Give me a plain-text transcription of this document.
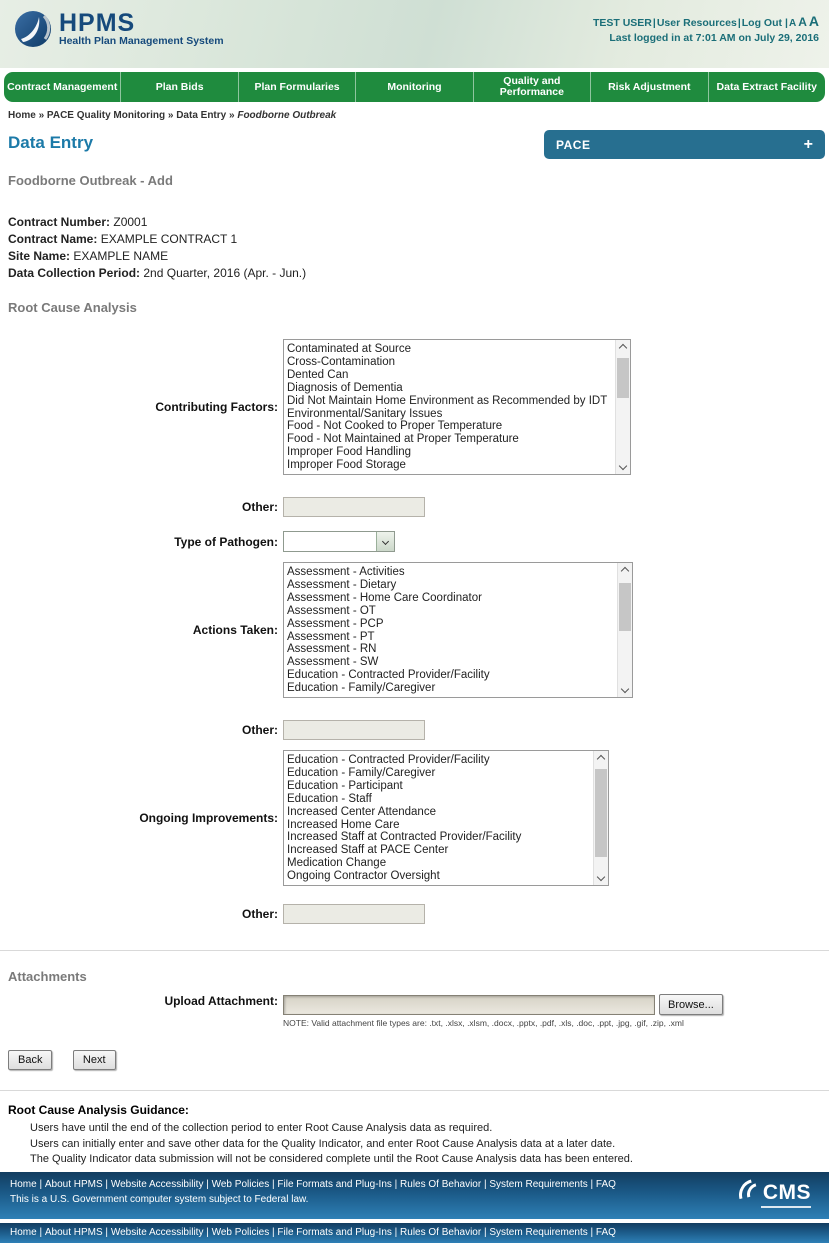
HPMS
Health Plan Management System
TEST USER | User Resources | Log Out | A A A
Last logged in at 7:01 AM on July 29, 2016
Contract Management	Plan Bids	Plan Formularies	Monitoring	Quality and Performance	Risk Adjustment	Data Extract Facility
Home » PACE Quality Monitoring » Data Entry » Foodborne Outbreak
Data Entry	PACE	+
Foodborne Outbreak - Add
Contract Number: Z0001
Contract Name: EXAMPLE CONTRACT 1
Site Name: EXAMPLE NAME
Data Collection Period: 2nd Quarter, 2016 (Apr. - Jun.)
Root Cause Analysis
Contributing Factors:
Contaminated at Source
Cross-Contamination
Dented Can
Diagnosis of Dementia
Did Not Maintain Home Environment as Recommended by IDT
Environmental/Sanitary Issues
Food - Not Cooked to Proper Temperature
Food - Not Maintained at Proper Temperature
Improper Food Handling
Improper Food Storage
Other:
Type of Pathogen:
Actions Taken:
Assessment - Activities
Assessment - Dietary
Assessment - Home Care Coordinator
Assessment - OT
Assessment - PCP
Assessment - PT
Assessment - RN
Assessment - SW
Education - Contracted Provider/Facility
Education - Family/Caregiver
Other:
Ongoing Improvements:
Education - Contracted Provider/Facility
Education - Family/Caregiver
Education - Participant
Education - Staff
Increased Center Attendance
Increased Home Care
Increased Staff at Contracted Provider/Facility
Increased Staff at PACE Center
Medication Change
Ongoing Contractor Oversight
Other:
Attachments
Upload Attachment:	Browse...
NOTE: Valid attachment file types are: .txt, .xlsx, .xlsm, .docx, .pptx, .pdf, .xls, .doc, .ppt, .jpg, .gif, .zip, .xml
Back	Next
Root Cause Analysis Guidance:
Users have until the end of the collection period to enter Root Cause Analysis data as required.
Users can initially enter and save other data for the Quality Indicator, and enter Root Cause Analysis data at a later date.
The Quality Indicator data submission will not be considered complete until the Root Cause Analysis data has been entered.
Home | About HPMS | Website Accessibility | Web Policies | File Formats and Plug-Ins | Rules Of Behavior | System Requirements | FAQ
This is a U.S. Government computer system subject to Federal law.	CMS
Home | About HPMS | Website Accessibility | Web Policies | File Formats and Plug-Ins | Rules Of Behavior | System Requirements | FAQ
